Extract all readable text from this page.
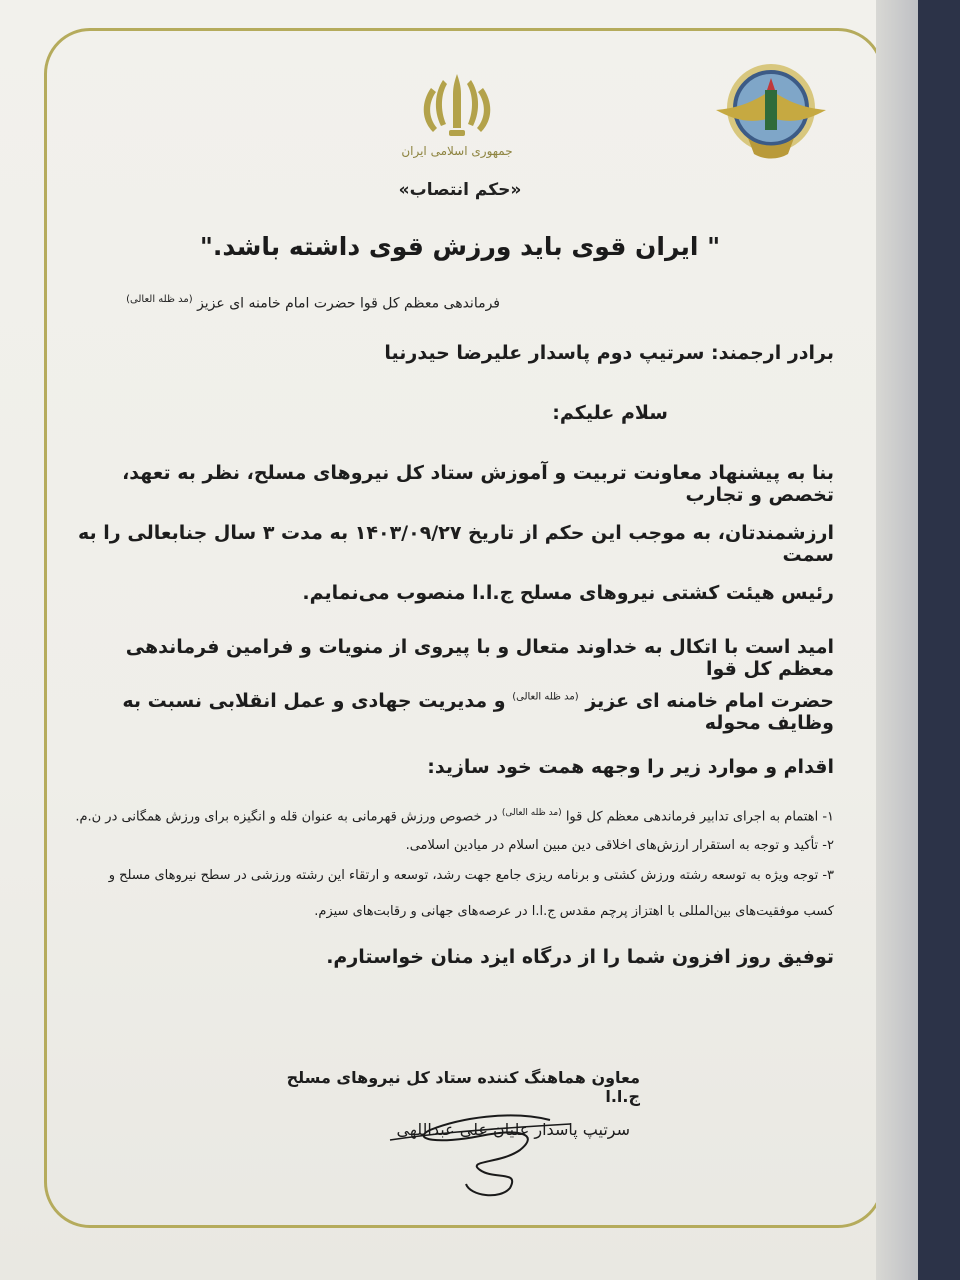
جمهوری اسلامی ایران
«حکم انتصاب»
" ایران قوی باید ورزش قوی داشته باشد."
فرماندهی معظم کل قوا حضرت امام خامنه ای عزیز $^{(مد ظله العالی)}$
برادر ارجمند: سرتیپ دوم پاسدار علیرضا حیدرنیا
سلام علیکم:
بنا به پیشنهاد معاونت تربیت و آموزش ستاد کل نیروهای مسلح، نظر به تعهد، تخصص و تجارب
ارزشمندتان، به موجب این حکم از تاریخ ۱۴۰۳/۰۹/۲۷ به مدت ۳ سال جنابعالی را به سمت
رئیس هیئت کشتی نیروهای مسلح ج.ا.ا منصوب می‌نمایم.
امید است با اتکال به خداوند متعال و با پیروی از منویات و فرامین فرماندهی معظم کل قوا
حضرت امام خامنه ای عزیز $^{(مد ظله العالی)}$ و مدیریت جهادی و عمل انقلابی نسبت به وظایف محوله
اقدام و موارد زیر را وجهه همت خود سازید:
۱- اهتمام به اجرای تدابیر فرماندهی معظم کل قوا $^{(مد ظله العالی)}$ در خصوص ورزش قهرمانی به عنوان قله و انگیزه برای ورزش همگانی در ن.م.
۲- تأکید و توجه به استقرار ارزش‌های اخلاقی دین مبین اسلام در میادین اسلامی.
۳- توجه ویژه به توسعه رشته ورزش کشتی و برنامه ریزی جامع جهت رشد، توسعه و ارتقاء این رشته ورزشی در سطح نیروهای مسلح و
کسب موفقیت‌های بین‌المللی با اهتزاز پرچم مقدس ج.ا.ا در عرصه‌های جهانی و رقابت‌های سیزم.
توفیق روز افزون شما را از درگاه ایزد منان خواستارم.
معاون هماهنگ کننده ستاد کل نیروهای مسلح ج.ا.ا
سرتیپ پاسدار علیان علی عبداللهی
